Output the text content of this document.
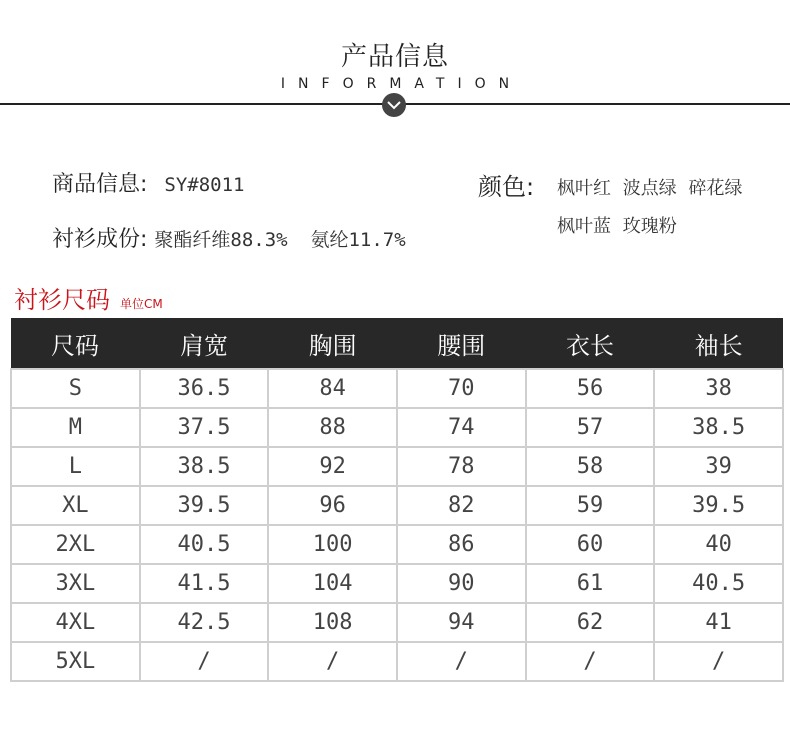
产品信息
INFORMATION
商品信息: SY#8011
衬衫成份: 聚酯纤维88.3%  氨纶11.7%
颜色: 枫叶红 波点绿 碎花绿
枫叶蓝 玫瑰粉
衬衫尺码 单位CM
尺码	肩宽	胸围	腰围	衣长	袖长
S	36.5	84	70	56	38
M	37.5	88	74	57	38.5
L	38.5	92	78	58	39
XL	39.5	96	82	59	39.5
2XL	40.5	100	86	60	40
3XL	41.5	104	90	61	40.5
4XL	42.5	108	94	62	41
5XL	/	/	/	/	/
